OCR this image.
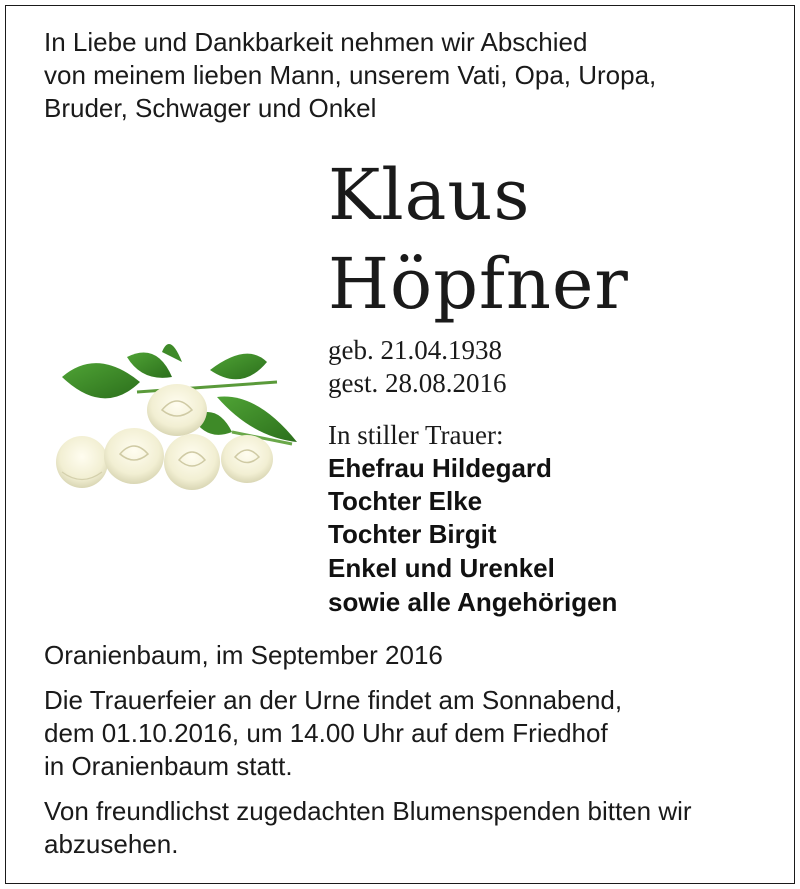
In Liebe und Dankbarkeit nehmen wir Abschied
von meinem lieben Mann, unserem Vati, Opa, Uropa,
Bruder, Schwager und Onkel
Klaus
Höpfner
geb. 21.04.1938
gest. 28.08.2016
In stiller Trauer:
Ehefrau Hildegard
Tochter Elke
Tochter Birgit
Enkel und Urenkel
sowie alle Angehörigen
Oranienbaum, im September 2016
Die Trauerfeier an der Urne findet am Sonnabend,
dem 01.10.2016, um 14.00 Uhr auf dem Friedhof
in Oranienbaum statt.
Von freundlichst zugedachten Blumenspenden bitten wir
abzusehen.
